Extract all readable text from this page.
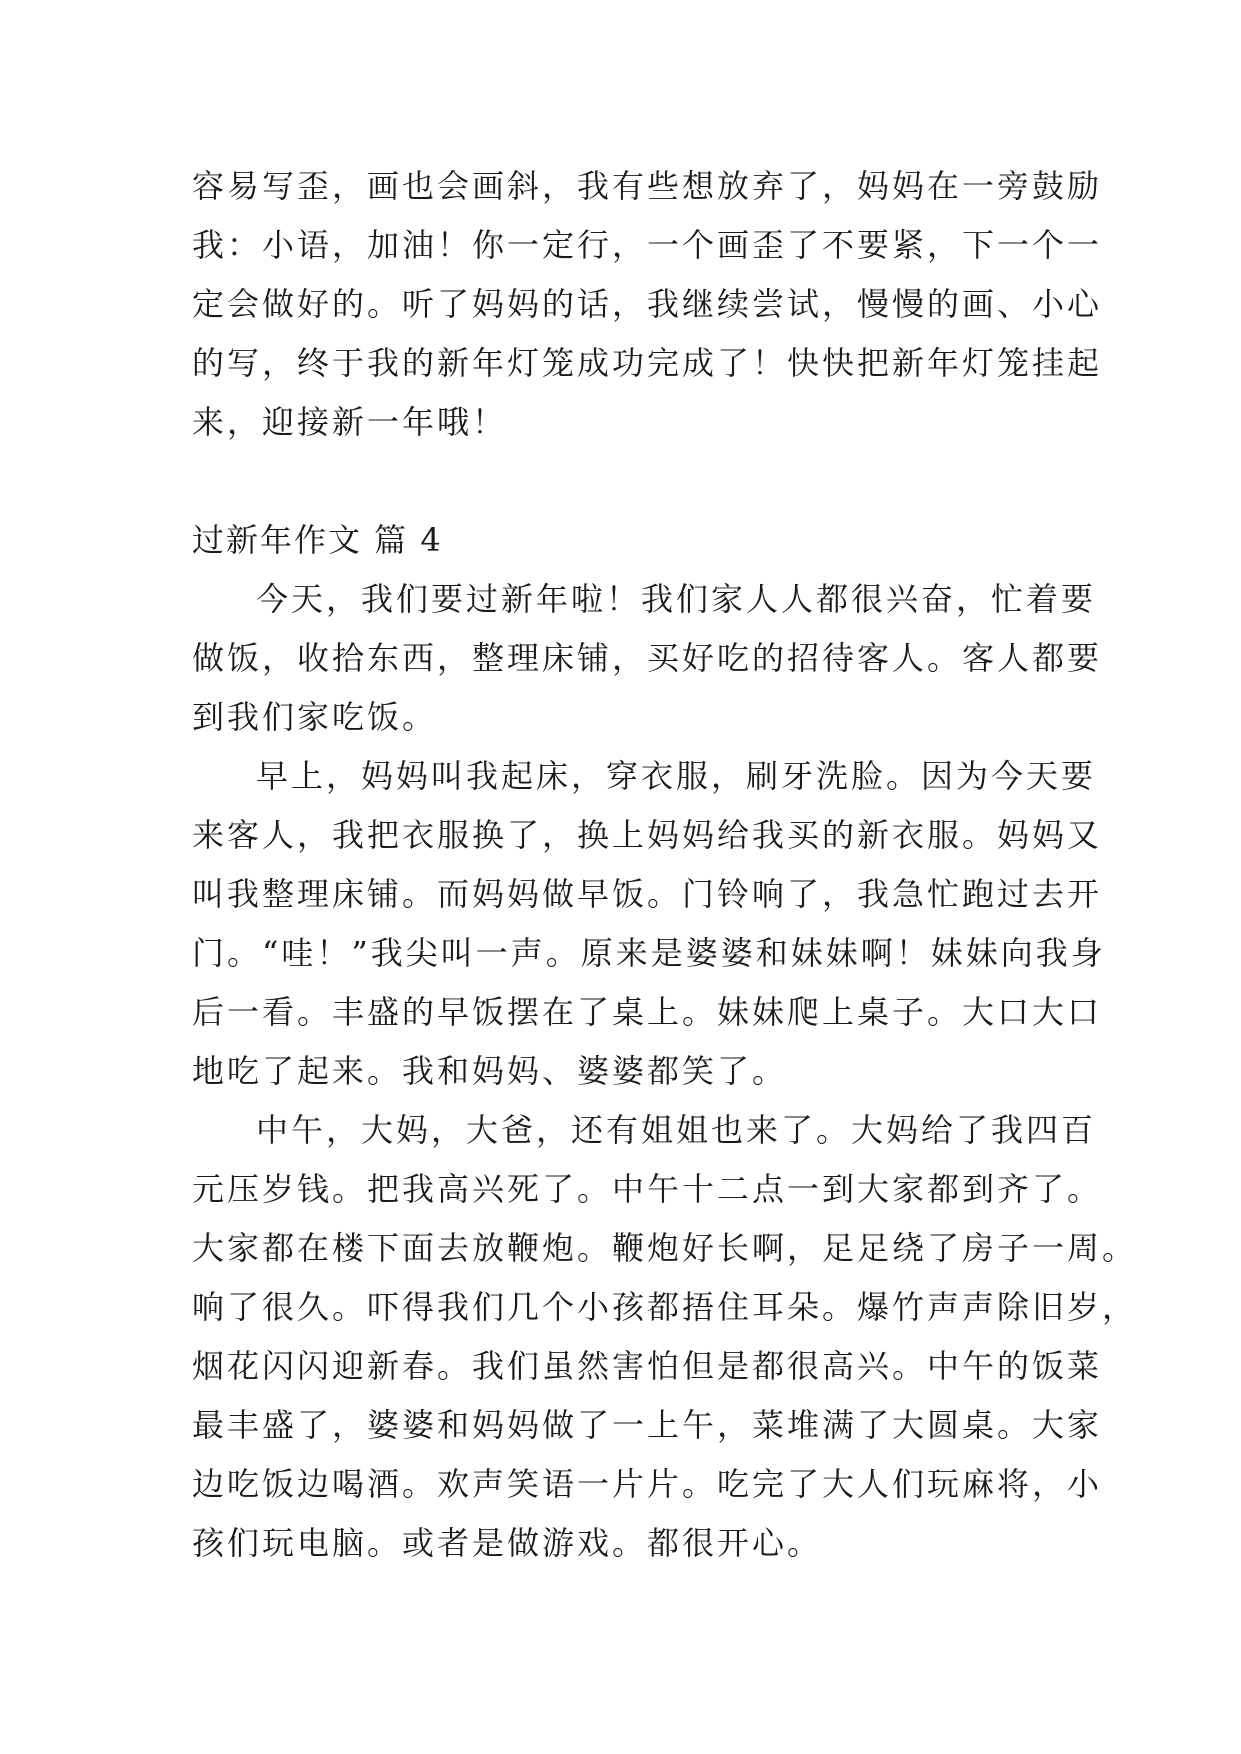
容易写歪，画也会画斜，我有些想放弃了，妈妈在一旁鼓励
我：小语，加油！你一定行，一个画歪了不要紧，下一个一
定会做好的。听了妈妈的话，我继续尝试，慢慢的画、小心
的写，终于我的新年灯笼成功完成了！快快把新年灯笼挂起
来，迎接新一年哦！
过新年作文 篇 4
今天，我们要过新年啦！我们家人人都很兴奋，忙着要
做饭，收拾东西，整理床铺，买好吃的招待客人。客人都要
到我们家吃饭。
早上，妈妈叫我起床，穿衣服，刷牙洗脸。因为今天要
来客人，我把衣服换了，换上妈妈给我买的新衣服。妈妈又
叫我整理床铺。而妈妈做早饭。门铃响了，我急忙跑过去开
门。“哇！”我尖叫一声。原来是婆婆和妹妹啊！妹妹向我身
后一看。丰盛的早饭摆在了桌上。妹妹爬上桌子。大口大口
地吃了起来。我和妈妈、婆婆都笑了。
中午，大妈，大爸，还有姐姐也来了。大妈给了我四百
元压岁钱。把我高兴死了。中午十二点一到大家都到齐了。
大家都在楼下面去放鞭炮。鞭炮好长啊，足足绕了房子一周。
响了很久。吓得我们几个小孩都捂住耳朵。爆竹声声除旧岁，
烟花闪闪迎新春。我们虽然害怕但是都很高兴。中午的饭菜
最丰盛了，婆婆和妈妈做了一上午，菜堆满了大圆桌。大家
边吃饭边喝酒。欢声笑语一片片。吃完了大人们玩麻将，小
孩们玩电脑。或者是做游戏。都很开心。
